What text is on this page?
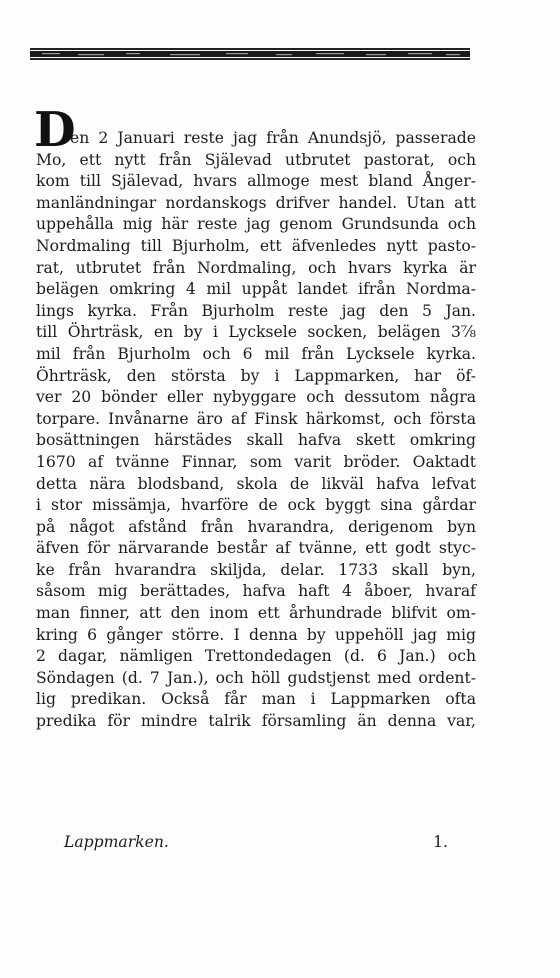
D
en 2 Januari reste jag från Anundsjö, passerade
Mo, ett nytt från Själevad utbrutet pastorat, och
kom till Själevad, hvars allmoge mest bland Ånger-
manländningar nordanskogs drifver handel. Utan att
uppehålla mig här reste jag genom Grundsunda och
Nordmaling till Bjurholm, ett äfvenledes nytt pasto-
rat, utbrutet från Nordmaling, och hvars kyrka är
belägen omkring 4 mil uppåt landet ifrån Nordma-
lings kyrka. Från Bjurholm reste jag den 5 Jan.
till Öhrträsk, en by i Lycksele socken, belägen 3⅞
mil från Bjurholm och 6 mil från Lycksele kyrka.
Öhrträsk, den största by i Lappmarken, har öf-
ver 20 bönder eller nybyggare och dessutom några
torpare. Invånarne äro af Finsk härkomst, och första
bosättningen härstädes skall hafva skett omkring
1670 af tvänne Finnar, som varit bröder. Oaktadt
detta nära blodsband, skola de likväl hafva lefvat
i stor missämja, hvarföre de ock byggt sina gårdar
på något afstånd från hvarandra, derigenom byn
äfven för närvarande består af tvänne, ett godt styc-
ke från hvarandra skiljda, delar. 1733 skall byn,
såsom mig berättades, hafva haft 4 åboer, hvaraf
man finner, att den inom ett århundrade blifvit om-
kring 6 gånger större. I denna by uppehöll jag mig
2 dagar, nämligen Trettondedagen (d. 6 Jan.) och
Söndagen (d. 7 Jan.), och höll gudstjenst med ordent-
lig predikan. Också får man i Lappmarken ofta
predika för mindre talrik församling än denna var,
Lappmarken.	1.
